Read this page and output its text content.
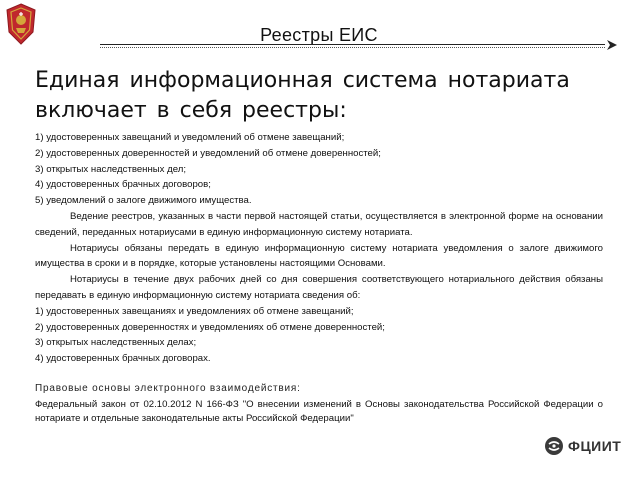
Реестры ЕИС
Единая информационная система нотариата
включает в себя реестры:

1) удостоверенных завещаний и уведомлений об отмене завещаний;

2) удостоверенных доверенностей и уведомлений об отмене доверенностей;

3) открытых наследственных дел;

4) удостоверенных брачных договоров;

5) уведомлений о залоге движимого имущества.

Ведение реестров, указанных в части первой настоящей статьи, осуществляется в электронной форме на основании сведений, переданных нотариусами в единую информационную систему нотариата.

Нотариусы обязаны передать в единую информационную систему нотариата уведомления о залоге движимого имущества в сроки и в порядке, которые установлены настоящими Основами.

Нотариусы в течение двух рабочих дней со дня совершения соответствующего нотариального действия обязаны передавать в единую информационную систему нотариата сведения об:

1) удостоверенных завещаниях и уведомлениях об отмене завещаний;

2) удостоверенных доверенностях и уведомлениях об отмене доверенностей;

3) открытых наследственных делах;

4) удостоверенных брачных договорах.

Правовые основы электронного взаимодействия:
Федеральный закон от 02.10.2012 N 166-ФЗ "О внесении изменений в Основы законодательства Российской Федерации о нотариате и отдельные законодательные акты Российской Федерации"
ФЦИИТ
